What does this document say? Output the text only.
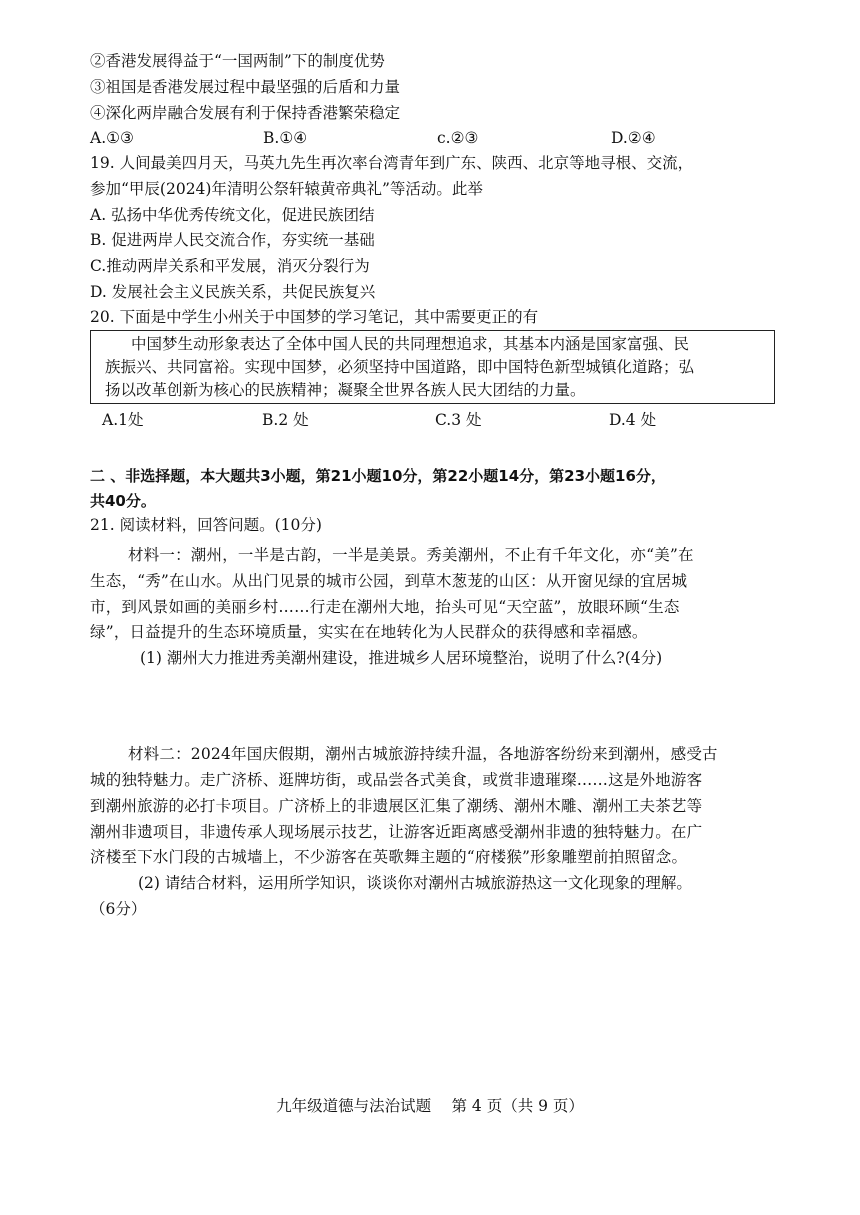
②香港发展得益于“一国两制”下的制度优势
③祖国是香港发展过程中最坚强的后盾和力量
④深化两岸融合发展有利于保持香港繁荣稳定
A.①③	B.①④	c.②③	D.②④
19. 人间最美四月天，马英九先生再次率台湾青年到广东、陕西、北京等地寻根、交流，
参加“甲辰(2024)年清明公祭轩辕黄帝典礼”等活动。此举
A. 弘扬中华优秀传统文化，促进民族团结
B. 促进两岸人民交流合作，夯实统一基础
C.推动两岸关系和平发展，消灭分裂行为
D. 发展社会主义民族关系，共促民族复兴
20. 下面是中学生小州关于中国梦的学习笔记，其中需要更正的有
中国梦生动形象表达了全体中国人民的共同理想追求，其基本内涵是国家富强、民
族振兴、共同富裕。实现中国梦，必须坚持中国道路，即中国特色新型城镇化道路；弘
扬以改革创新为核心的民族精神；凝聚全世界各族人民大团结的力量。
A.1处	B.2 处	C.3 处	D.4 处
二 、非选择题，本大题共3小题，第21小题10分，第22小题14分，第23小题16分，
共40分。
21. 阅读材料，回答问题。(10分)
材料一：潮州，一半是古韵，一半是美景。秀美潮州，不止有千年文化，亦“美”在
生态，“秀”在山水。从出门见景的城市公园，到草木葱茏的山区：从开窗见绿的宜居城
市，到风景如画的美丽乡村……行走在潮州大地，抬头可见“天空蓝”，放眼环顾“生态
绿”，日益提升的生态环境质量，实实在在地转化为人民群众的获得感和幸福感。
(1) 潮州大力推进秀美潮州建设，推进城乡人居环境整治，说明了什么?(4分)
材料二：2024年国庆假期，潮州古城旅游持续升温，各地游客纷纷来到潮州，感受古
城的独特魅力。走广济桥、逛牌坊街，或品尝各式美食，或赏非遗璀璨……这是外地游客
到潮州旅游的必打卡项目。广济桥上的非遗展区汇集了潮绣、潮州木雕、潮州工夫茶艺等
潮州非遗项目，非遗传承人现场展示技艺，让游客近距离感受潮州非遗的独特魅力。在广
济楼至下水门段的古城墙上，不少游客在英歌舞主题的“府楼猴”形象雕塑前拍照留念。
(2) 请结合材料，运用所学知识，谈谈你对潮州古城旅游热这一文化现象的理解。
（6分）
九年级道德与法治试题　 第 4 页（共 9 页）
